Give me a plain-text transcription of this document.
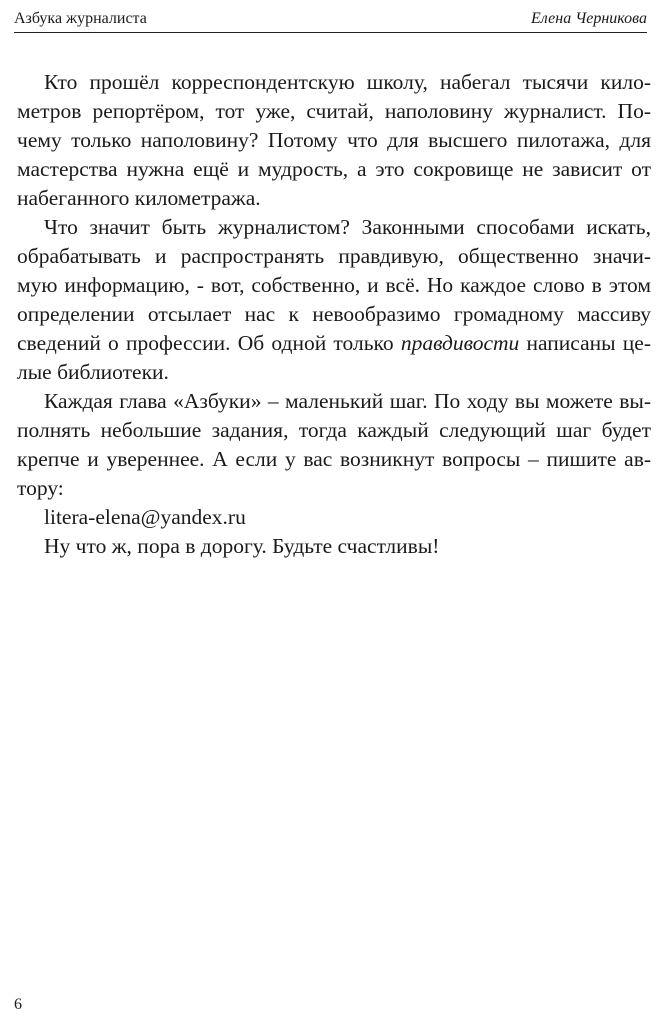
Азбука журналиста	Елена Черникова
Кто прошёл корреспондентскую школу, набегал тысячи кило-
метров репортёром, тот уже, считай, наполовину журналист. По-
чему только наполовину? Потому что для высшего пилотажа, для
мастерства нужна ещё и мудрость, а это сокровище не зависит от
набеганного километража.
Что значит быть журналистом? Законными способами искать,
обрабатывать и распространять правдивую, общественно значи-
мую информацию, - вот, собственно, и всё. Но каждое слово в этом
определении отсылает нас к невообразимо громадному массиву
сведений о профессии. Об одной только правдивости написаны це-
лые библиотеки.
Каждая глава «Азбуки» – маленький шаг. По ходу вы можете вы-
полнять небольшие задания, тогда каждый следующий шаг будет
крепче и увереннее. А если у вас возникнут вопросы – пишите ав-
тору:
litera-elena@yandex.ru
Ну что ж, пора в дорогу. Будьте счастливы!
6
